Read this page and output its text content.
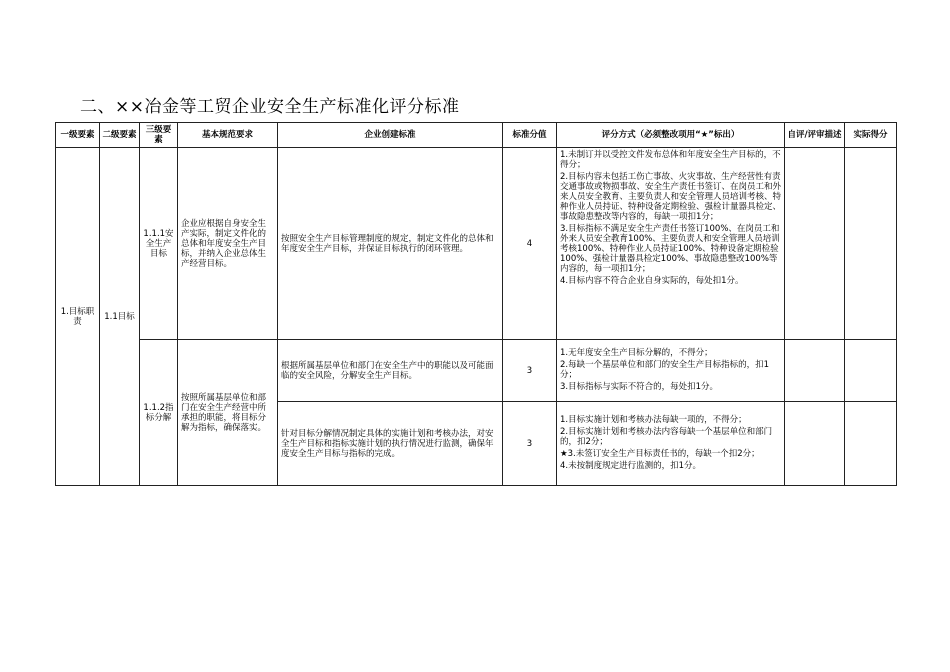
二、××冶金等工贸企业安全生产标准化评分标准
一级要素	二级要素	三级要素	基本规范要求	企业创建标准	标准分值	评分方式（必须整改项用“★”标出）	自评/评审描述	实际得分
1.目标职责	1.1目标	1.1.1安全生产目标	企业应根据自身安全生产实际，制定文件化的总体和年度安全生产目标，并纳入企业总体生产经营目标。	按照安全生产目标管理制度的规定，制定文件化的总体和年度安全生产目标，并保证目标执行的闭环管理。	4	1.未制订并以受控文件发布总体和年度安全生产目标的，不得分；
2.目标内容未包括工伤亡事故、火灾事故、生产经营性有责交通事故或物损事故、安全生产责任书签订、在岗员工和外来人员安全教育、主要负责人和安全管理人员培训考核、特种作业人员持证、特种设备定期检验、强检计量器具检定、事故隐患整改等内容的，每缺一项扣1分；
3.目标指标不满足安全生产责任书签订100%、在岗员工和外来人员安全教育100%、主要负责人和安全管理人员培训考核100%、特种作业人员持证100%、特种设备定期检验100%、强检计量器具检定100%、事故隐患整改100%等内容的，每一项扣1分；
4.目标内容不符合企业自身实际的，每处扣1分。		

		1.1.2指标分解	按照所属基层单位和部门在安全生产经营中所承担的职能，将目标分解为指标，确保落实。	根据所属基层单位和部门在安全生产中的职能以及可能面临的安全风险，分解安全生产目标。	3	1.无年度安全生产目标分解的，不得分；
2.每缺一个基层单位和部门的安全生产目标指标的，扣1分；
3.目标指标与实际不符合的，每处扣1分。		

				针对目标分解情况制定具体的实施计划和考核办法，对安全生产目标和指标实施计划的执行情况进行监测，确保年度安全生产目标与指标的完成。	3	1.目标实施计划和考核办法每缺一项的，不得分；
2.目标实施计划和考核办法内容每缺一个基层单位和部门的，扣2分；
★3.未签订安全生产目标责任书的，每缺一个扣2分；
4.未按制度规定进行监测的，扣1分。		
